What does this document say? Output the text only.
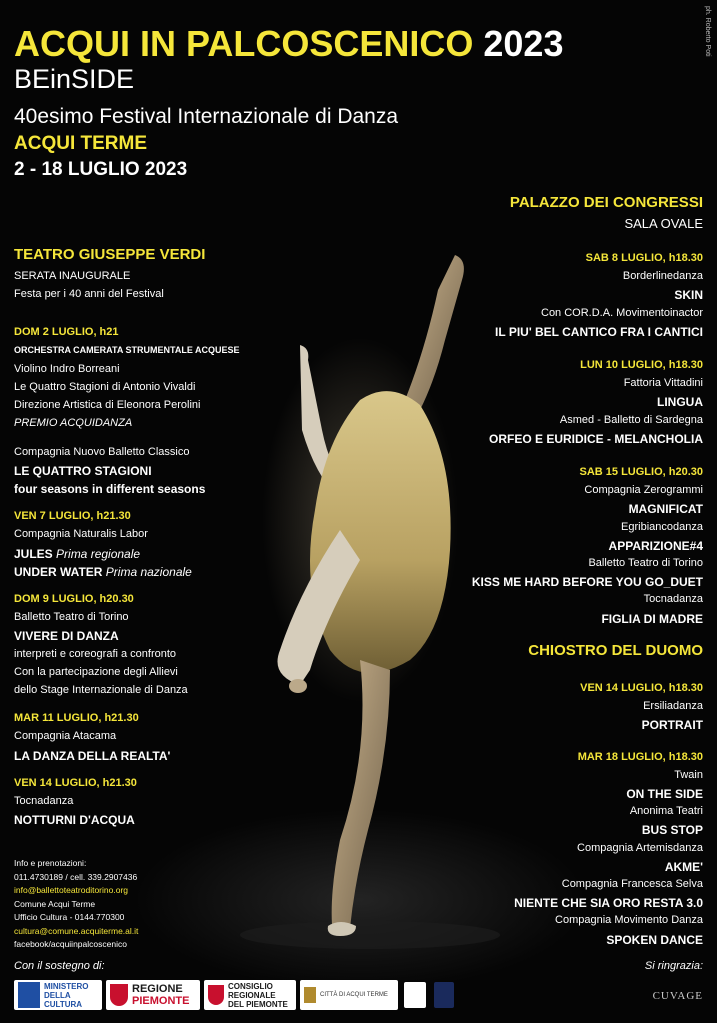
ph. Roberto Poti
ACQUI IN PALCOSCENICO 2023
BEinSIDE
40esimo Festival Internazionale di Danza
ACQUI TERME
2 - 18 LUGLIO 2023
TEATRO GIUSEPPE VERDI
SERATA INAUGURALE
Festa per i 40 anni del Festival
DOM 2 LUGLIO, h21
ORCHESTRA CAMERATA STRUMENTALE ACQUESE
Violino Indro Borreani
Le Quattro Stagioni di Antonio Vivaldi
Direzione Artistica di Eleonora Perolini
PREMIO ACQUIDANZA
Compagnia Nuovo Balletto Classico
LE QUATTRO STAGIONI
four seasons in different seasons
VEN 7 LUGLIO, h21.30
Compagnia Naturalis Labor
JULES Prima regionale
UNDER WATER Prima nazionale
DOM 9 LUGLIO, h20.30
Balletto Teatro di Torino
VIVERE DI DANZA
interpreti e coreografi a confronto
Con la partecipazione degli Allievi
dello Stage Internazionale di Danza
MAR 11 LUGLIO, h21.30
Compagnia Atacama
LA DANZA DELLA REALTA'
VEN 14 LUGLIO, h21.30
Tocnadanza
NOTTURNI D'ACQUA
Info e prenotazioni:
011.4730189 / cell. 339.2907436
info@ballettoteatroditorino.org
Comune Acqui Terme
Ufficio Cultura - 0144.770300
cultura@comune.acquiterme.al.it
facebook/acquiinpalcoscenico
PALAZZO DEI CONGRESSI
SALA OVALE
SAB 8 LUGLIO, h18.30
Borderlinedanza
SKIN
Con COR.D.A. Movimentoinactor
IL PIU' BEL CANTICO FRA I CANTICI
LUN 10 LUGLIO, h18.30
Fattoria Vittadini
LINGUA
Asmed - Balletto di Sardegna
ORFEO E EURIDICE - MELANCHOLIA
SAB 15 LUGLIO, h20.30
Compagnia Zerogrammi
MAGNIFICAT
Egribiancodanza
APPARIZIONE#4
Balletto Teatro di Torino
KISS ME HARD BEFORE YOU GO_DUET
Tocnadanza
FIGLIA DI MADRE
CHIOSTRO DEL DUOMO
VEN 14 LUGLIO, h18.30
Ersiliadanza
PORTRAIT
MAR 18 LUGLIO, h18.30
Twain
ON THE SIDE
Anonima Teatri
BUS STOP
Compagnia Artemisdanza
AKME'
Compagnia Francesca Selva
NIENTE CHE SIA ORO RESTA 3.0
Compagnia Movimento Danza
SPOKEN DANCE
Con il sostegno di:	Si ringrazia:
MINISTERO
DELLA
CULTURA
REGIONE
PIEMONTE
CONSIGLIO
REGIONALE
DEL PIEMONTE
CITTÀ DI ACQUI TERME	CUVAGE
